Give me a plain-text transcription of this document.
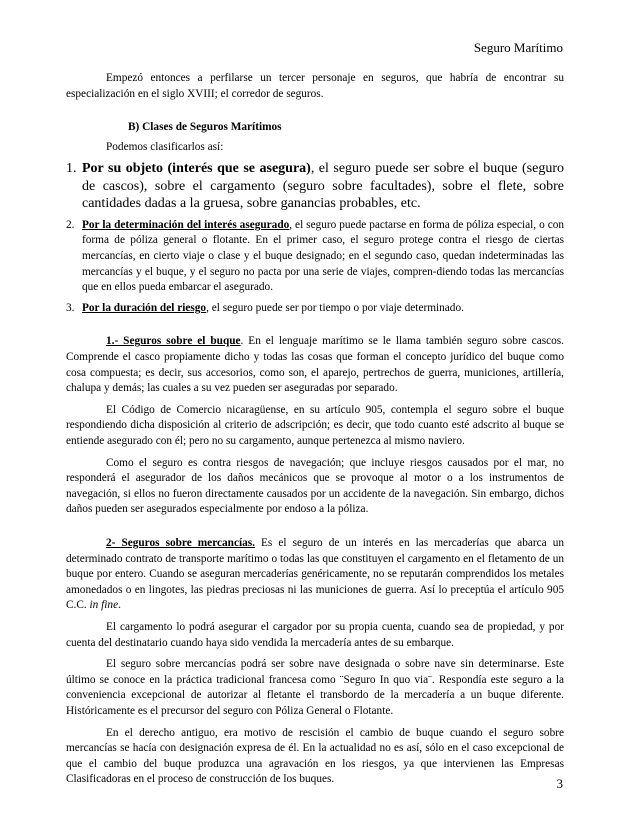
Seguro Marítimo

Empezó entonces a perfilarse un tercer personaje en seguros, que habría de encontrar su especialización en el siglo XVIII; el corredor de seguros.

B) Clases de Seguros Marítimos

Podemos clasificarlos así:

1. Por su objeto (interés que se asegura), el seguro puede ser sobre el buque (seguro de cascos), sobre el cargamento (seguro sobre facultades), sobre el flete, sobre cantidades dadas a la gruesa, sobre ganancias probables, etc.
2. Por la determinación del interés asegurado, el seguro puede pactarse en forma de póliza especial, o con forma de póliza general o flotante. En el primer caso, el seguro protege contra el riesgo de ciertas mercancías, en cierto viaje o clase y el buque designado; en el segundo caso, quedan indeterminadas las mercancías y el buque, y el seguro no pacta por una serie de viajes, compren-diendo todas las mercancías que en ellos pueda embarcar el asegurado.
3. Por la duración del riesgo, el seguro puede ser por tiempo o por viaje determinado.

1.- Seguros sobre el buque. En el lenguaje marítimo se le llama también seguro sobre cascos. Comprende el casco propiamente dicho y todas las cosas que forman el concepto jurídico del buque como cosa compuesta; es decir, sus accesorios, como son, el aparejo, pertrechos de guerra, municiones, artillería, chalupa y demás; las cuales a su vez pueden ser aseguradas por separado.

El Código de Comercio nicaragüense, en su artículo 905, contempla el seguro sobre el buque respondiendo dicha disposición al criterio de adscripción; es decir, que todo cuanto esté adscrito al buque se entiende asegurado con él; pero no su cargamento, aunque pertenezca al mismo naviero.

Como el seguro es contra riesgos de navegación; que incluye riesgos causados por el mar, no responderá el asegurador de los daños mecánicos que se provoque al motor o a los instrumentos de navegación, si ellos no fueron directamente causados por un accidente de la navegación. Sin embargo, dichos daños pueden ser asegurados especialmente por endoso a la póliza.

2- Seguros sobre mercancías. Es el seguro de un interés en las mercaderías que abarca un determinado contrato de transporte marítimo o todas las que constituyen el cargamento en el fletamento de un buque por entero. Cuando se aseguran mercaderías genéricamente, no se reputarán comprendidos los metales amonedados o en lingotes, las piedras preciosas ni las municiones de guerra. Así lo preceptúa el artículo 905 C.C. in fine.

El cargamento lo podrá asegurar el cargador por su propia cuenta, cuando sea de propiedad, y por cuenta del destinatario cuando haya sido vendida la mercadería antes de su embarque.

El seguro sobre mercancías podrá ser sobre nave designada o sobre nave sin determinarse. Este último se conoce en la práctica tradicional francesa como ¨Seguro In quo via¨. Respondía este seguro a la conveniencia excepcional de autorizar al fletante el transbordo de la mercadería a un buque diferente. Históricamente es el precursor del seguro con Póliza General o Flotante.

En el derecho antiguo, era motivo de rescisión el cambio de buque cuando el seguro sobre mercancías se hacía con designación expresa de él. En la actualidad no es así, sólo en el caso excepcional de que el cambio del buque produzca una agravación en los riesgos, ya que intervienen las Empresas Clasificadoras en el proceso de construcción de los buques.	3
